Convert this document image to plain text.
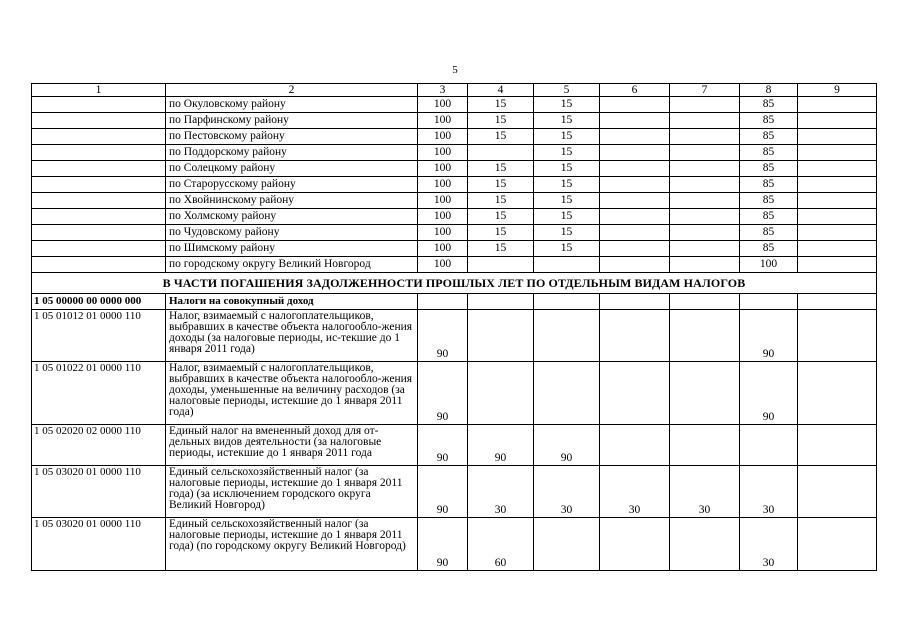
5
1	2	3	4	5	6	7	8	9
	по Окуловскому району	100	15	15			85	
	по Парфинскому району	100	15	15			85	
	по Пестовскому району	100	15	15			85	
	по Поддорскому району	100		15			85	
	по Солецкому району	100	15	15			85	
	по Старорусскому району	100	15	15			85	
	по Хвойнинскому району	100	15	15			85	
	по Холмскому району	100	15	15			85	
	по Чудовскому району	100	15	15			85	
	по Шимскому району	100	15	15			85	
	по городскому округу Великий Новгород	100					100	
В ЧАСТИ ПОГАШЕНИЯ ЗАДОЛЖЕННОСТИ ПРОШЛЫХ ЛЕТ ПО ОТДЕЛЬНЫМ ВИДАМ НАЛОГОВ								
1 05 00000 00 0000 000	Налоги на совокупный доход							
1 05 01012 01 0000 110	Налог, взимаемый с налогоплательщиков, выбравших в качестве объекта налогообло-жения доходы (за налоговые периоды, ис-текшие до 1 января 2011 года)	90					90	
1 05 01022 01 0000 110	Налог, взимаемый с налогоплательщиков, выбравших в качестве объекта налогообло-жения доходы, уменьшенные на величину расходов (за налоговые периоды, истекшие до 1 января 2011 года)	90					90	
1 05 02020 02 0000 110	Единый налог на вмененный доход для от-дельных видов деятельности (за налоговые периоды, истекшие до 1 января 2011 года	90	90	90				
1 05 03020 01 0000 110	Единый сельскохозяйственный налог (за налоговые периоды, истекшие до 1 января 2011 года) (за исключением городского округа Великий Новгород)	90	30	30	30	30	30	
1 05 03020 01 0000 110	Единый сельскохозяйственный налог (за налоговые периоды, истекшие до 1 января 2011 года) (по городскому округу Великий Новгород)	90	60				30	
